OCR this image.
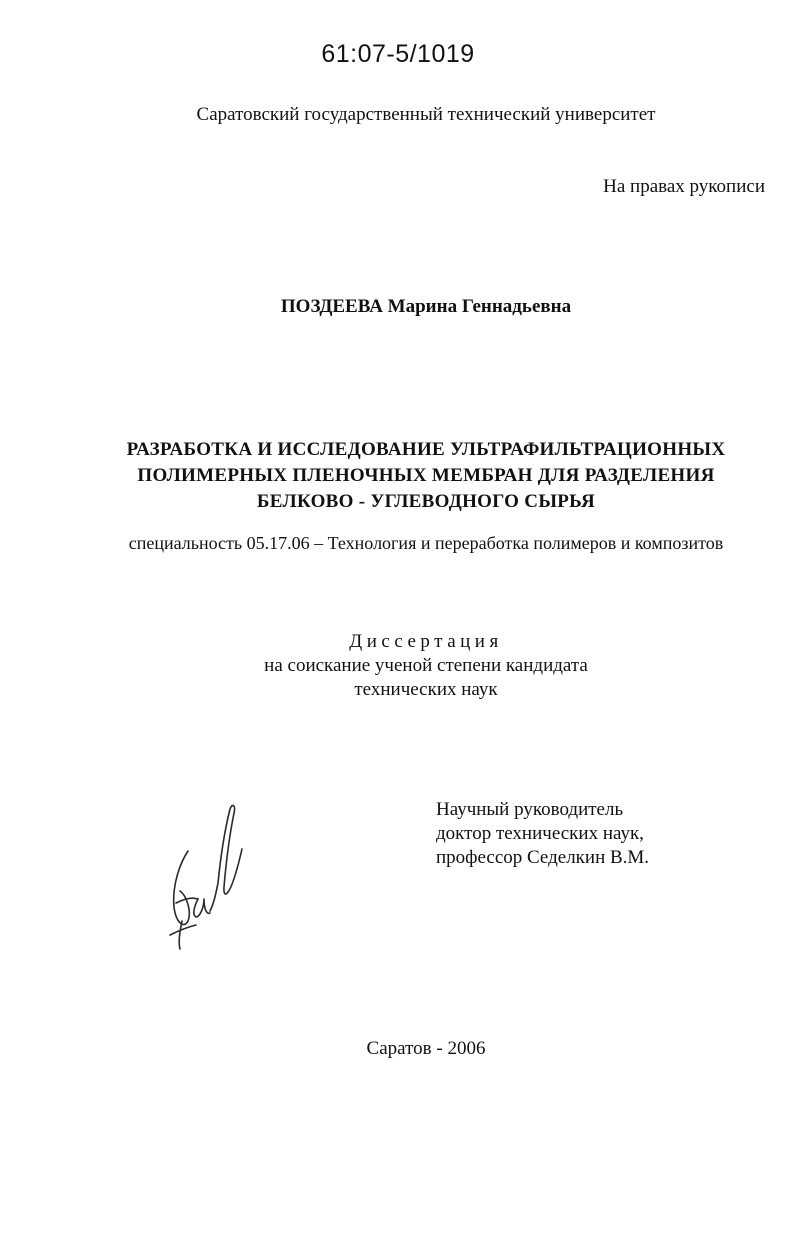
61:07-5/1019
Саратовский государственный технический университет
На правах рукописи
ПОЗДЕЕВА Марина Геннадьевна
РАЗРАБОТКА И ИССЛЕДОВАНИЕ УЛЬТРАФИЛЬТРАЦИОННЫХ
ПОЛИМЕРНЫХ ПЛЕНОЧНЫХ МЕМБРАН ДЛЯ РАЗДЕЛЕНИЯ
БЕЛКОВО - УГЛЕВОДНОГО СЫРЬЯ
специальность 05.17.06 – Технология и переработка полимеров и композитов
Диссертация
на соискание ученой степени кандидата
технических наук
Научный руководитель
доктор технических наук,
профессор Седелкин В.М.
Саратов - 2006
